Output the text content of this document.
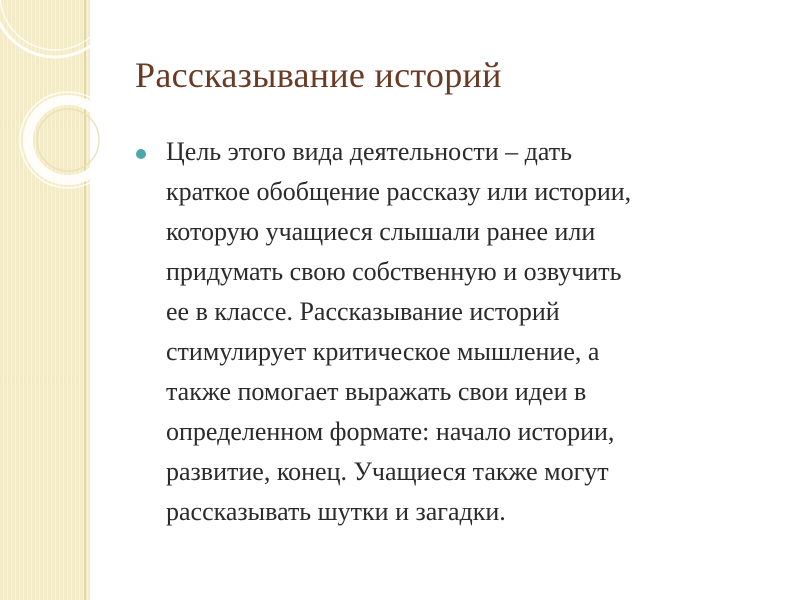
Рассказывание историй
Цель этого вида деятельности – дать
краткое обобщение рассказу или истории,
которую учащиеся слышали ранее или
придумать свою собственную и озвучить
ее в классе. Рассказывание историй
стимулирует критическое мышление, а
также помогает выражать свои идеи в
определенном формате: начало истории,
развитие, конец. Учащиеся также могут
рассказывать шутки и загадки.
